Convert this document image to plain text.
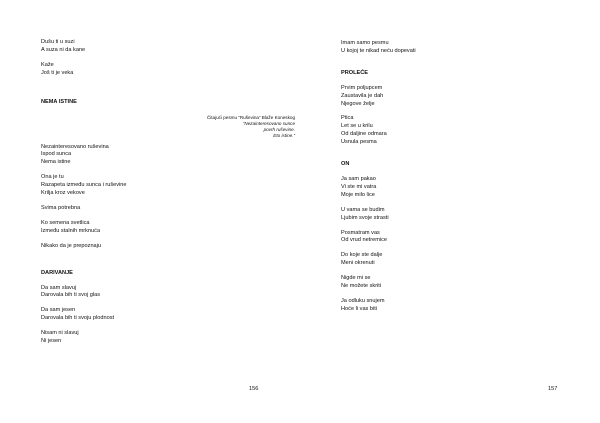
Dušu ti u suzi
A suza ni da kane
Kaže
Još ti je veka
NEMA ISTINE
Nezainteresovano ruševina
Ispod sunca
Nema istine
Ona je tu
Razapeta između sunca i ruševine
Krilja kroz vekove
Svima potrebna
Ko semena svetlica
Između stalnih mrknuća
Nikako da je prepoznaju
DARIVANJE
Da sam slavuj
Darovala bih ti svoj glas
Da sam jesen
Darovala bih ti svoju plodnost
Nisam ni slavuj
Ni jesen
Čitajući pesmu “Ruševina” Blaže Koneskog
“Nezainteresovano sunce
povrh ruševine.
Eto istine.”
156
Imam samo pesmu
U kojoj te nikad neću dopevati
PROLEĆE
Prvim poljupcem
Zaustavila je dah
Njegove želje
Ptica
Let se u krilu
Od daljine odmara
Usnula pesma
ON
Ja sam pakao
Vi ste mi vatra
Moje milo lice
U vama se budim
Ljubim svoje strasti
Posmatram vas
Od vrud netremice
Do koje ste dalje
Meni okrenuti
Nigde mi se
Ne možete skriti
Ja odluku snujem
Hoće li vas biti
157
